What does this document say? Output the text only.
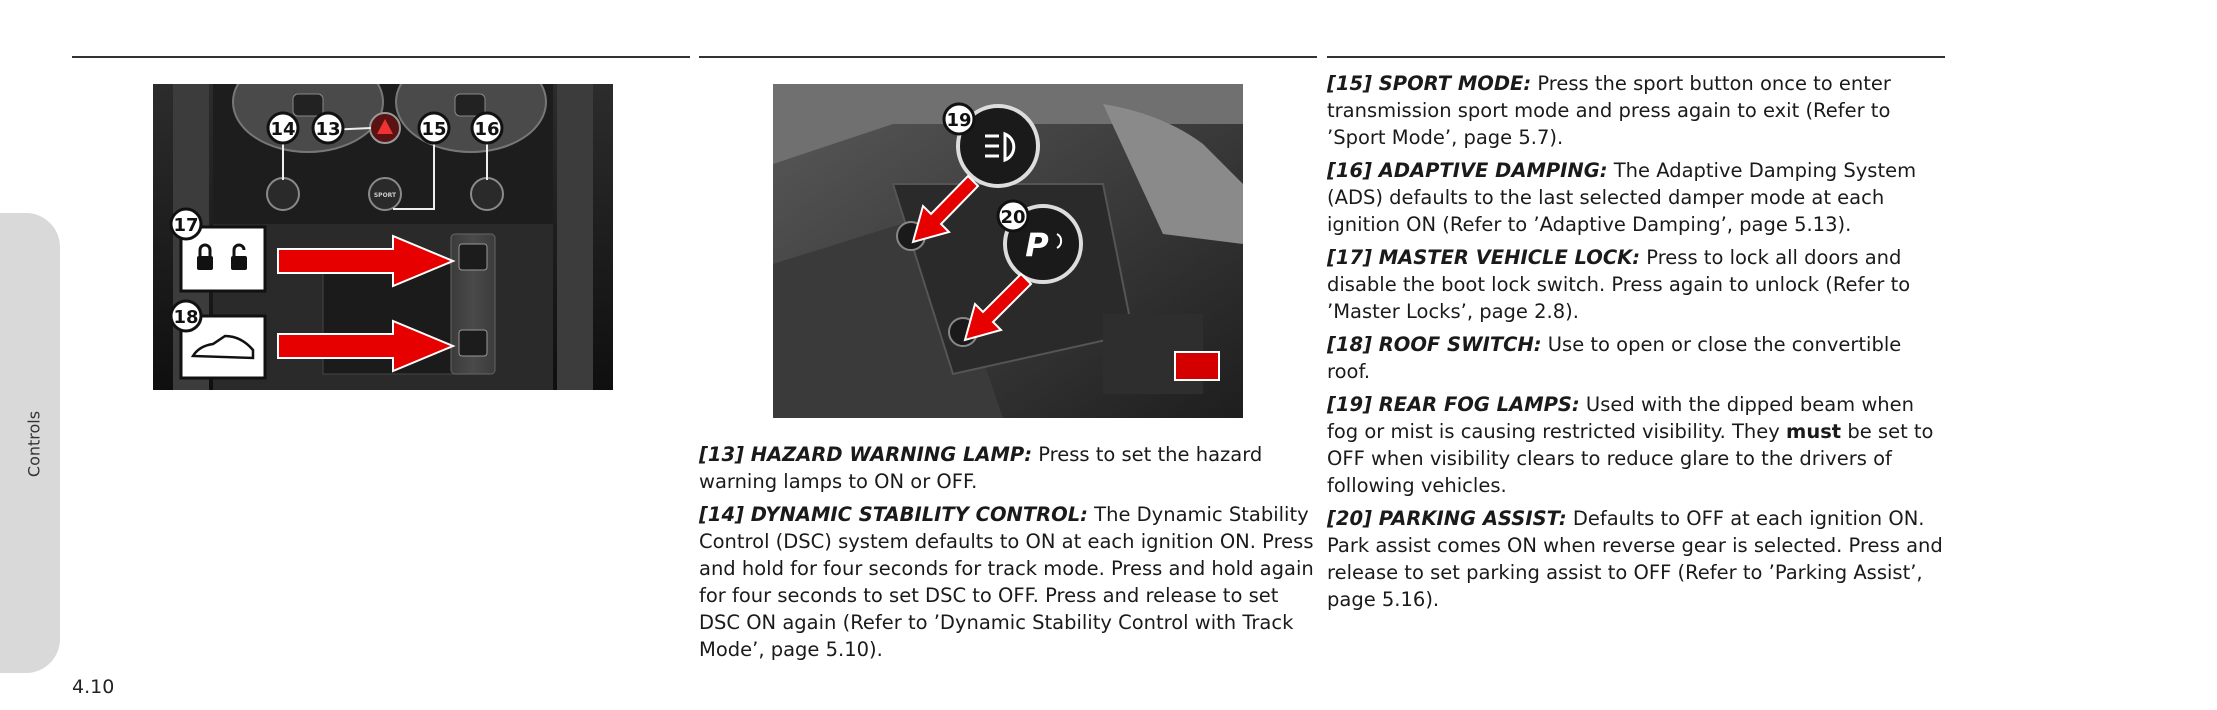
Controls
SPORT
14 13	15 16
17
18
19
20
P

[13] HAZARD WARNING LAMP: Press to set the hazard warning lamps to ON or OFF.

[14] DYNAMIC STABILITY CONTROL: The Dynamic Stability Control (DSC) system defaults to ON at each ignition ON. Press and hold for four seconds for track mode. Press and hold again for four seconds to set DSC to OFF. Press and release to set DSC ON again (Refer to ’Dynamic Stability Control with Track Mode’, page 5.10).

[15] SPORT MODE: Press the sport button once to enter transmission sport mode and press again to exit (Refer to ’Sport Mode’, page 5.7).

[16] ADAPTIVE DAMPING: The Adaptive Damping System (ADS) defaults to the last selected damper mode at each ignition ON (Refer to ’Adaptive Damping’, page 5.13).

[17] MASTER VEHICLE LOCK: Press to lock all doors and disable the boot lock switch. Press again to unlock (Refer to ’Master Locks’, page 2.8).

[18] ROOF SWITCH: Use to open or close the convertible roof.

[19] REAR FOG LAMPS: Used with the dipped beam when fog or mist is causing restricted visibility. They must be set to OFF when visibility clears to reduce glare to the drivers of following vehicles.

[20] PARKING ASSIST: Defaults to OFF at each ignition ON. Park assist comes ON when reverse gear is selected. Press and release to set parking assist to OFF (Refer to ’Parking Assist’, page 5.16).

4.10
